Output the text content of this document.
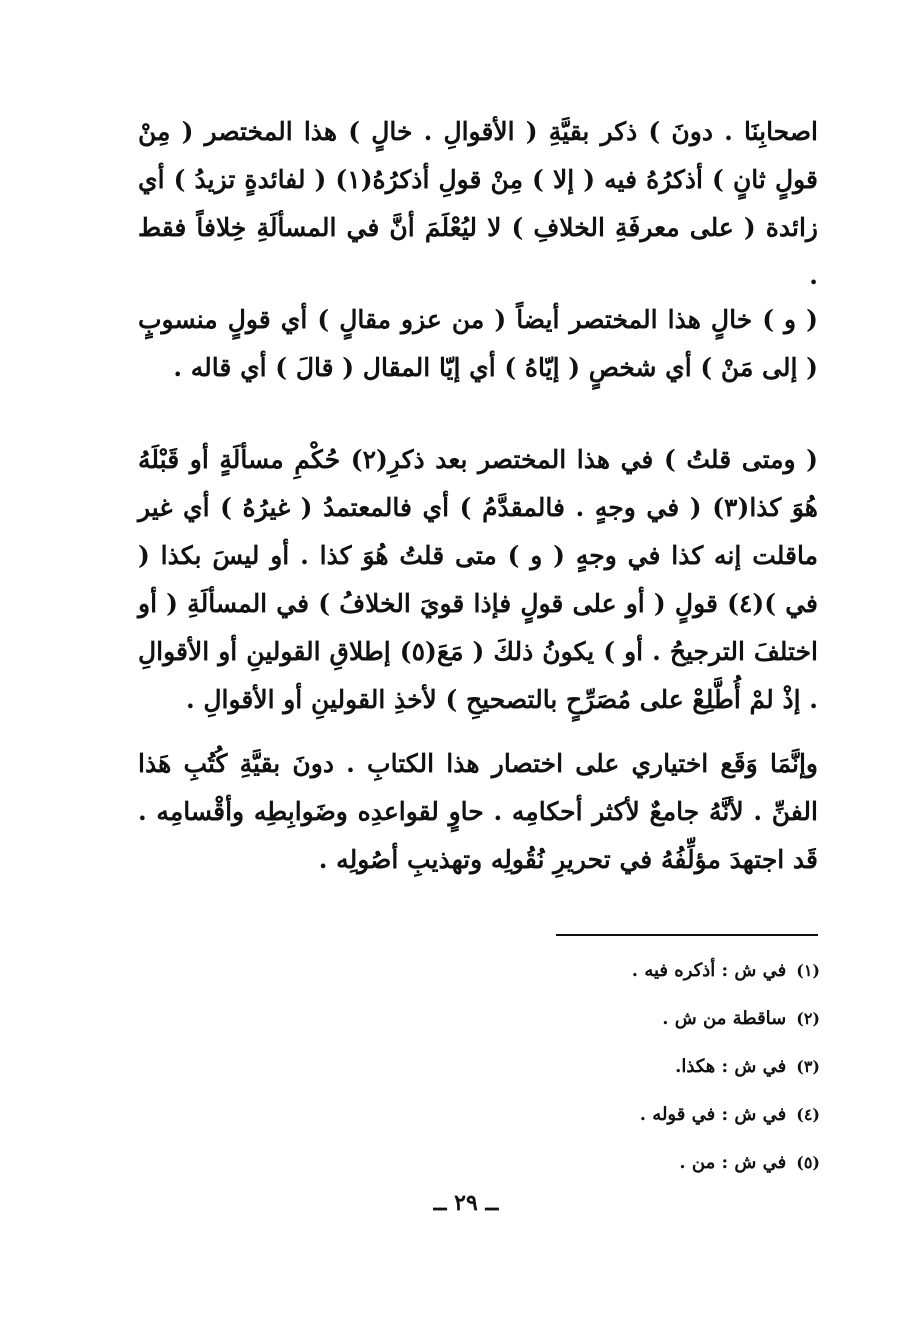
اصحابِنَا . دونَ ) ذكر بقيَّةِ ( الأقوالِ . خالٍ ) هذا المختصر ( مِنْ قولٍ ثانٍ ) أذكرُهُ فيه ( إلا ) مِنْ قولِ أذكرُهُ(١) ( لفائدةٍ تزيدُ ) أي زائدة ( على معرفَةِ الخلافِ ) لا ليُعْلَمَ أنَّ في المسألَةِ خِلافاً فقط .

( و ) خالٍ هذا المختصر أيضاً ( من عزو مقالٍ ) أي قولٍ منسوبٍ ( إلى مَنْ ) أي شخصٍ ( إيّاهُ ) أي إيّا المقال ( قالَ ) أي قاله .

( ومتى قلتُ ) في هذا المختصر بعد ذكرِ(٢) حُكْمِ مسألَةٍ أو قَبْلَهُ هُوَ كذا(٣) ( في وجهٍ . فالمقدَّمُ ) أي فالمعتمدُ ( غيرُهُ ) أي غير ماقلت إنه كذا في وجهٍ ( و ) متى قلتُ هُوَ كذا . أو ليسَ بكذا ( في )(٤) قولٍ ( أو على قولٍ فإذا قويَ الخلافُ ) في المسألَةِ ( أو اختلفَ الترجيحُ . أو ) يكونُ ذلكَ ( مَعَ(٥) إطلاقِ القولينِ أو الأقوالِ . إذْ لمْ أُطَّلِعْ على مُصَرِّحٍ بالتصحيحِ ) لأخذِ القولينِ أو الأقوالِ .

وإنَّمَا وَقَع اختياري على اختصار هذا الكتابِ . دونَ بقيَّةِ كُتُبِ هَذا الفنِّ . لأنَّهُ جامعٌ لأكثر أحكامِه . حاوٍ لقواعدِه وضَوابِطِه وأقْسامِه . قَد اجتهدَ مؤلِّفُهُ في تحريرِ نُقُولِه وتهذيبِ أصُولِه .

(١)في ش : أذكره فيه .
(٢)ساقطة من ش .
(٣)في ش : هكذا.
(٤)في ش : في قوله .
(٥)في ش : من .
ــ ٢٩ ــ
